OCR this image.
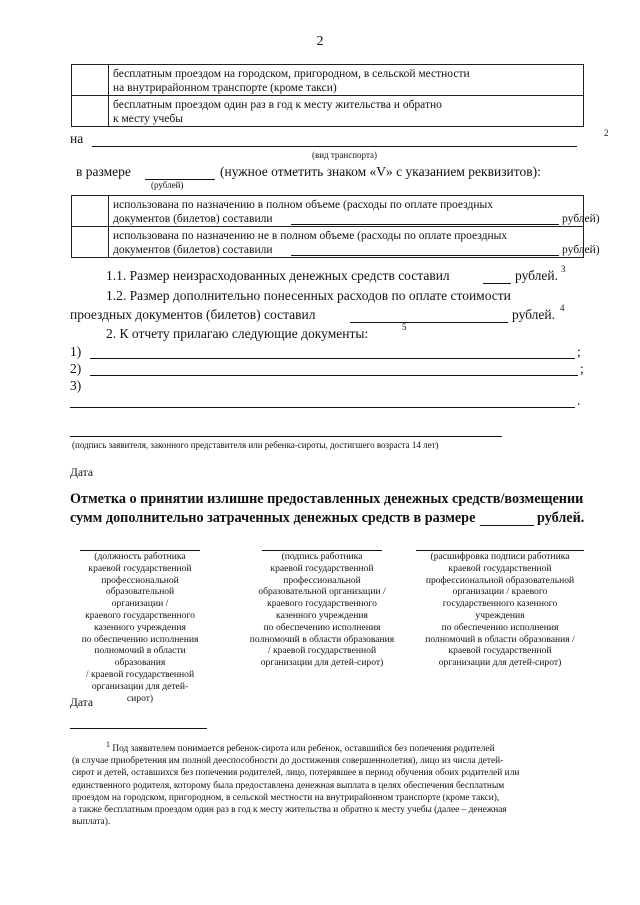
2

	бесплатным проездом на городском, пригородном, в сельской местности
на внутрирайонном транспорте (кроме такси)

	бесплатным проездом один раз в год к месту жительства и обратно
к месту учебы
на	2
(вид транспорта)
в размере	(нужное отметить знаком «V» с указанием реквизитов):
(рублей)

	использована по назначению в полном объеме (расходы по оплате проездных
документов (билетов) составили рублей)

	использована по назначению не в полном объеме (расходы по оплате проездных
документов (билетов) составили рублей)
1.1. Размер неизрасходованных денежных средств составил	рублей. 3
1.2. Размер дополнительно понесенных расходов по оплате стоимости
проездных документов (билетов) составил	рублей. 4
2. К отчету прилагаю следующие документы:	5
1)	;
2)	;
3)
.
(подпись заявителя, законного представителя или ребенка-сироты, достигшего возраста 14 лет)
Дата
Отметка о принятии излишне предоставленных денежных средств/возмещении
сумм дополнительно затраченных денежных средств в размере	рублей.
(должность работника
краевой государственной
профессиональной
образовательной организации /
краевого государственного
казенного учреждения
по обеспечению исполнения
полномочий в области образования
/ краевой государственной
организации для детей-сирот)
(подпись работника
краевой государственной
профессиональной
образовательной организации /
краевого государственного
казенного учреждения
по обеспечению исполнения
полномочий в области образования
/ краевой государственной
организации для детей-сирот)
(расшифровка подписи работника
краевой государственной
профессиональной образовательной
организации / краевого
государственного казенного
учреждения
по обеспечению исполнения
полномочий в области образования /
краевой государственной
организации для детей-сирот)
Дата
$^1$ Под заявителем понимается ребенок-сирота или ребенок, оставшийся без попечения родителей
(в случае приобретения им полной дееспособности до достижения совершеннолетия), лицо из числа детей-
сирот и детей, оставшихся без попечения родителей, лицо, потерявшее в период обучения обоих родителей или
единственного родителя, которому была предоставлена денежная выплата в целях обеспечения бесплатным
проездом на городском, пригородном, в сельской местности на внутрирайонном транспорте (кроме такси),
а также бесплатным проездом один раз в год к месту жительства и обратно к месту учебы (далее – денежная
выплата).
